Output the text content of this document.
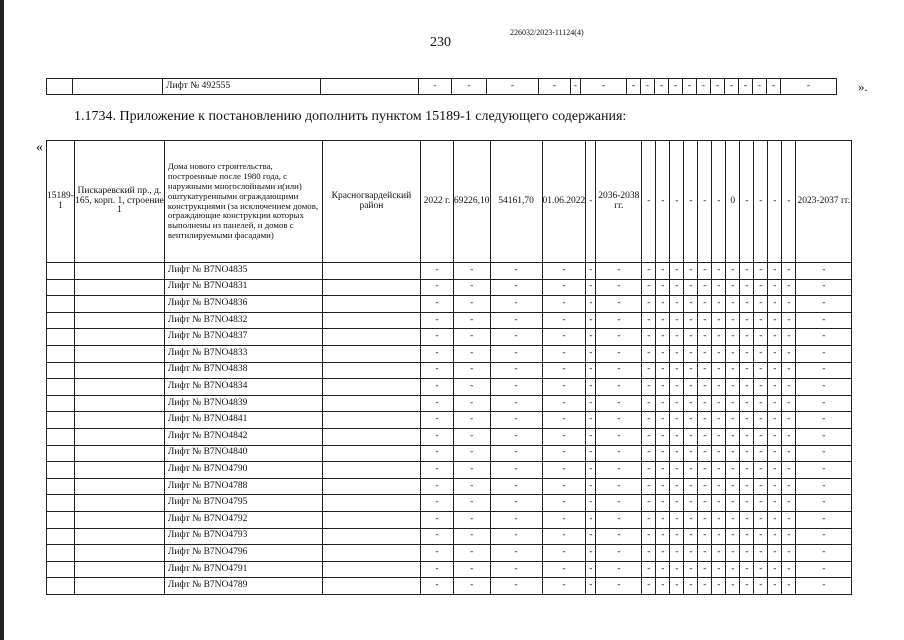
230
226032/2023-11124(4)
		Лифт № 492555		-	-	-	-	-	-	-	-	-	-	-	-	-	-	-	-	-	-	».
1.1734. Приложение к постановлению дополнить пунктом 15189-1 следующего содержания:
«
15189-1	Пискаревский пр., д. 165, корп. 1, строение 1	Дома нового строительства, построенные после 1980 года, с наружными многослойными и(или) оштукатуренными ограждающими конструкциями (за исключением домов, ограждающие конструкции которых выполнены из панелей, и домов с вентилируемыми фасадами)	Красногвардейский район	2022 г.	69226,10	54161,70	01.06.2022	-	2036-2038 гг.	-	-	-	-	-	-	0	-	-	-	-	2023-2037 гг.
		Лифт № В7NO4835		-	-	-	-	-	-	-	-	-	-	-	-	-	-	-	-	-	-
		Лифт № В7NO4831		-	-	-	-	-	-	-	-	-	-	-	-	-	-	-	-	-	-
		Лифт № В7NO4836		-	-	-	-	-	-	-	-	-	-	-	-	-	-	-	-	-	-
		Лифт № В7NO4832		-	-	-	-	-	-	-	-	-	-	-	-	-	-	-	-	-	-
		Лифт № В7NO4837		-	-	-	-	-	-	-	-	-	-	-	-	-	-	-	-	-	-
		Лифт № В7NO4833		-	-	-	-	-	-	-	-	-	-	-	-	-	-	-	-	-	-
		Лифт № В7NO4838		-	-	-	-	-	-	-	-	-	-	-	-	-	-	-	-	-	-
		Лифт № В7NO4834		-	-	-	-	-	-	-	-	-	-	-	-	-	-	-	-	-	-
		Лифт № В7NO4839		-	-	-	-	-	-	-	-	-	-	-	-	-	-	-	-	-	-
		Лифт № В7NO4841		-	-	-	-	-	-	-	-	-	-	-	-	-	-	-	-	-	-
		Лифт № В7NO4842		-	-	-	-	-	-	-	-	-	-	-	-	-	-	-	-	-	-
		Лифт № В7NO4840		-	-	-	-	-	-	-	-	-	-	-	-	-	-	-	-	-	-
		Лифт № В7NO4790		-	-	-	-	-	-	-	-	-	-	-	-	-	-	-	-	-	-
		Лифт № В7NO4788		-	-	-	-	-	-	-	-	-	-	-	-	-	-	-	-	-	-
		Лифт № В7NO4795		-	-	-	-	-	-	-	-	-	-	-	-	-	-	-	-	-	-
		Лифт № В7NO4792		-	-	-	-	-	-	-	-	-	-	-	-	-	-	-	-	-	-
		Лифт № В7NO4793		-	-	-	-	-	-	-	-	-	-	-	-	-	-	-	-	-	-
		Лифт № В7NO4796		-	-	-	-	-	-	-	-	-	-	-	-	-	-	-	-	-	-
		Лифт № В7NO4791		-	-	-	-	-	-	-	-	-	-	-	-	-	-	-	-	-	-
		Лифт № В7NO4789		-	-	-	-	-	-	-	-	-	-	-	-	-	-	-	-	-	-
